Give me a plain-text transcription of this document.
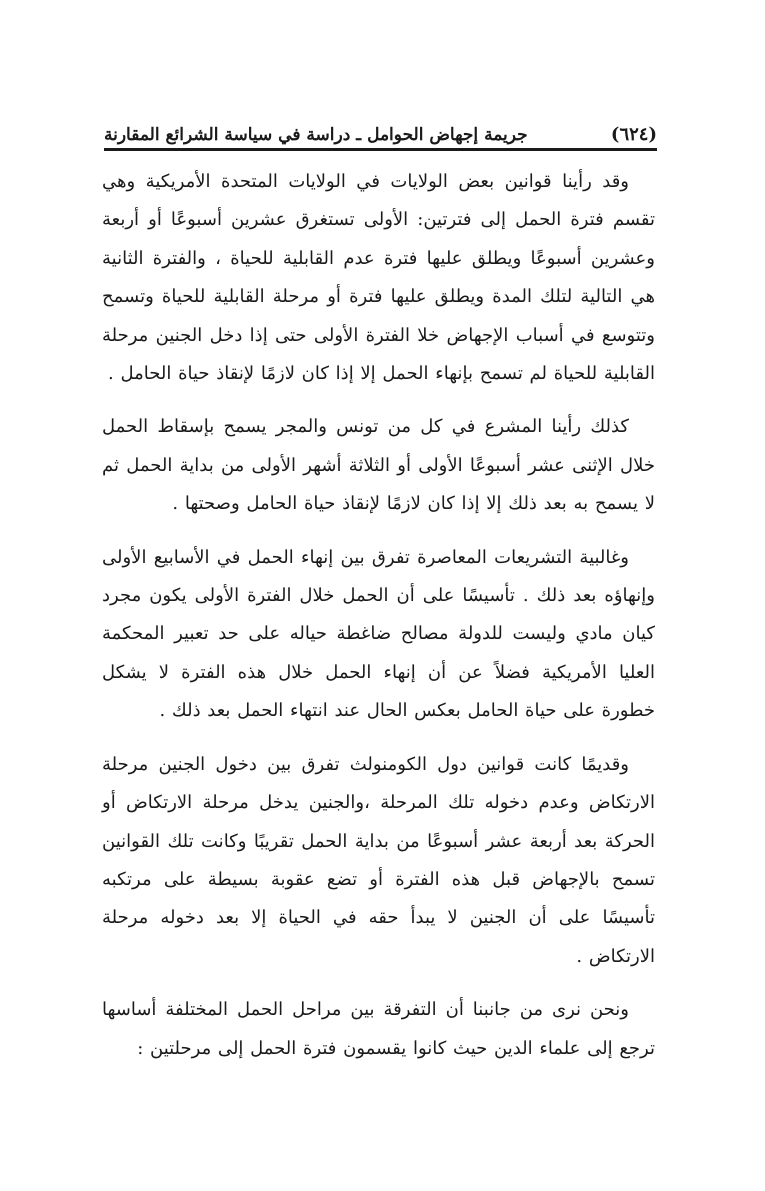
(٦٢٤)
جريمة إجهاض الحوامل ـ دراسة في سياسة الشرائع المقارنة

وقد رأينا قوانين بعض الولايات في الولايات المتحدة الأمريكية وهي تقسم فترة الحمل إلى فترتين: الأولى تستغرق عشرين أسبوعًا أو أربعة وعشرين أسبوعًا ويطلق عليها فترة عدم القابلية للحياة ، والفترة الثانية هي التالية لتلك المدة ويطلق عليها فترة أو مرحلة القابلية للحياة وتسمح وتتوسع في أسباب الإجهاض خلا الفترة الأولى حتى إذا دخل الجنين مرحلة القابلية للحياة لم تسمح بإنهاء الحمل إلا إذا كان لازمًا لإنقاذ حياة الحامل .

كذلك رأينا المشرع في كل من تونس والمجر يسمح بإسقاط الحمل خلال الإثنى عشر أسبوعًا الأولى أو الثلاثة أشهر الأولى من بداية الحمل ثم لا يسمح به بعد ذلك إلا إذا كان لازمًا لإنقاذ حياة الحامل وصحتها .

وغالبية التشريعات المعاصرة تفرق بين إنهاء الحمل في الأسابيع الأولى وإنهاؤه بعد ذلك . تأسيسًا على أن الحمل خلال الفترة الأولى يكون مجرد كيان مادي وليست للدولة مصالح ضاغطة حياله على حد تعبير المحكمة العليا الأمريكية فضلاً عن أن إنهاء الحمل خلال هذه الفترة لا يشكل خطورة على حياة الحامل بعكس الحال عند انتهاء الحمل بعد ذلك .

وقديمًا كانت قوانين دول الكومنولث تفرق بين دخول الجنين مرحلة الارتكاض وعدم دخوله تلك المرحلة ،والجنين يدخل مرحلة الارتكاض أو الحركة بعد أربعة عشر أسبوعًا من بداية الحمل تقريبًا وكانت تلك القوانين تسمح بالإجهاض قبل هذه الفترة أو تضع عقوبة بسيطة على مرتكبه تأسيسًا على أن الجنين لا يبدأ حقه في الحياة إلا بعد دخوله مرحلة الارتكاض .

ونحن نرى من جانبنا أن التفرقة بين مراحل الحمل المختلفة أساسها ترجع إلى علماء الدين حيث كانوا يقسمون فترة الحمل إلى مرحلتين :
